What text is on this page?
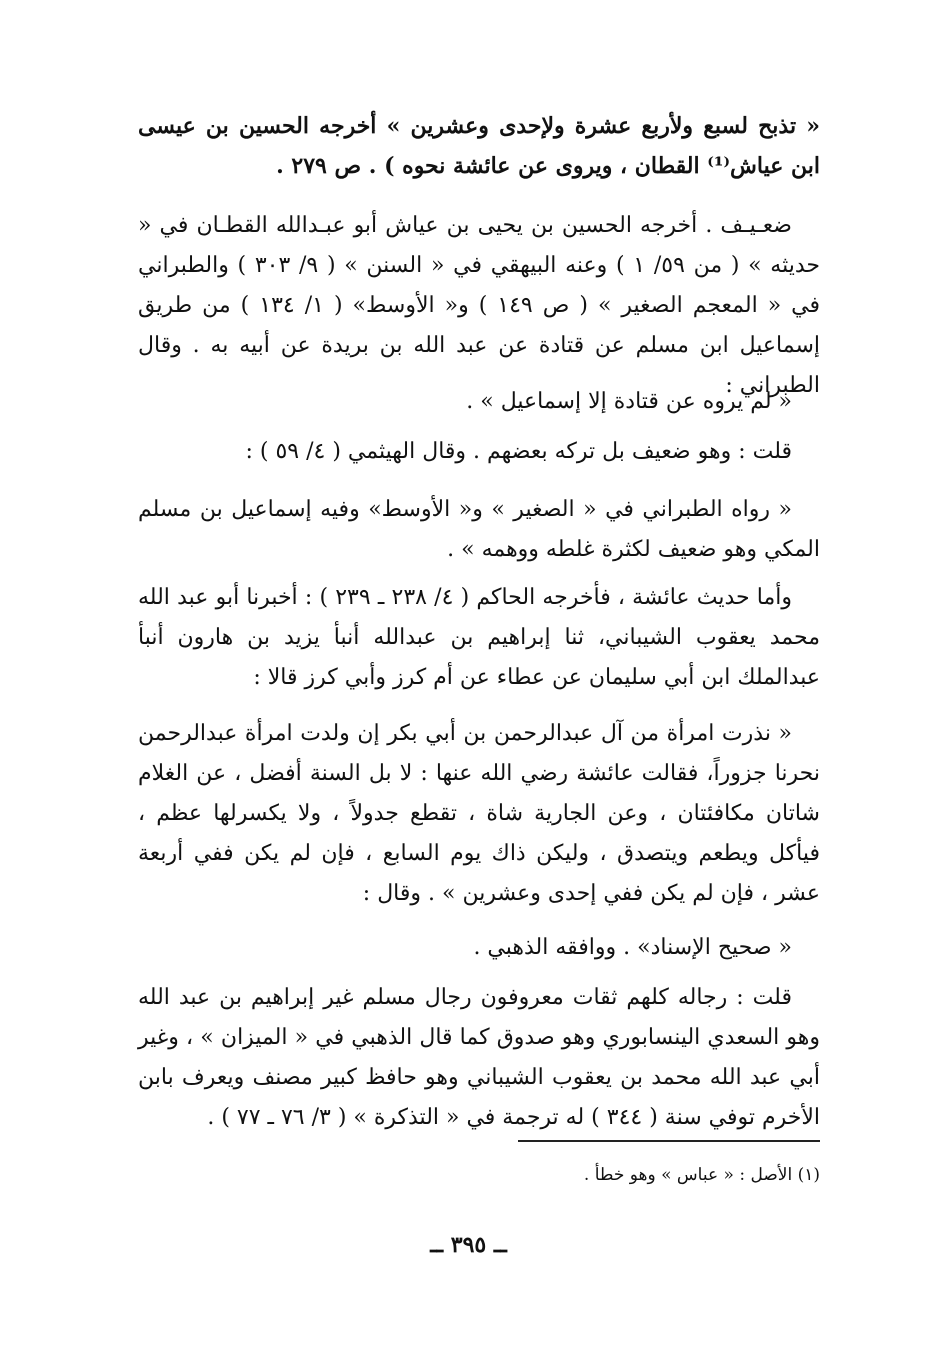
« تذبح لسبع ولأربع عشرة ولإحدى وعشرين » أخرجه الحسين بن عيسى ابن عياش⁽¹⁾ القطان ، ويروى عن عائشة نحوه ) . ص ٢٧٩ .

ضعـيـف . أخرجه الحسين بن يحيى بن عياش أبو عبـدالله القطـان في « حديثه » ( من ٥٩/ ١ ) وعنه البيهقي في « السنن » ( ٩/ ٣٠٣ ) والطبراني في « المعجم الصغير » ( ص ١٤٩ ) و« الأوسط» ( ١/ ١٣٤ ) من طريق إسماعيل ابن مسلم عن قتادة عن عبد الله بن بريدة عن أبيه به . وقال الطبراني :

« لم يروه عن قتادة إلا إسماعيل » .

قلت : وهو ضعيف بل تركه بعضهم . وقال الهيثمي ( ٤/ ٥٩ ) :

« رواه الطبراني في « الصغير » و« الأوسط» وفيه إسماعيل بن مسلم المكي وهو ضعيف لكثرة غلطه ووهمه » .

وأما حديث عائشة ، فأخرجه الحاكم ( ٤/ ٢٣٨ ـ ٢٣٩ ) : أخبرنا أبو عبد الله محمد يعقوب الشيباني، ثنا إبراهيم بن عبدالله أنبأ يزيد بن هارون أنبأ عبدالملك ابن أبي سليمان عن عطاء عن أم كرز وأبي كرز قالا :

« نذرت امرأة من آل عبدالرحمن بن أبي بكر إن ولدت امرأة عبدالرحمن نحرنا جزوراً، فقالت عائشة رضي الله عنها : لا بل السنة أفضل ، عن الغلام شاتان مكافئتان ، وعن الجارية شاة ، تقطع جدولاً ، ولا يكسرلها عظم ، فيأكل ويطعم ويتصدق ، وليكن ذاك يوم السابع ، فإن لم يكن ففي أربعة عشر ، فإن لم يكن ففي إحدى وعشرين » . وقال :

« صحيح الإسناد» . ووافقه الذهبي .

قلت : رجاله كلهم ثقات معروفون رجال مسلم غير إبراهيم بن عبد الله وهو السعدي الينسابوري وهو صدوق كما قال الذهبي في « الميزان » ، وغير أبي عبد الله محمد بن يعقوب الشيباني وهو حافظ كبير مصنف ويعرف بابن الأخرم توفي سنة ( ٣٤٤ ) له ترجمة في « التذكرة » ( ٣/ ٧٦ ـ ٧٧ ) .

(١) الأصل : « عباس » وهو خطأ .

ــ ٣٩٥ ــ
